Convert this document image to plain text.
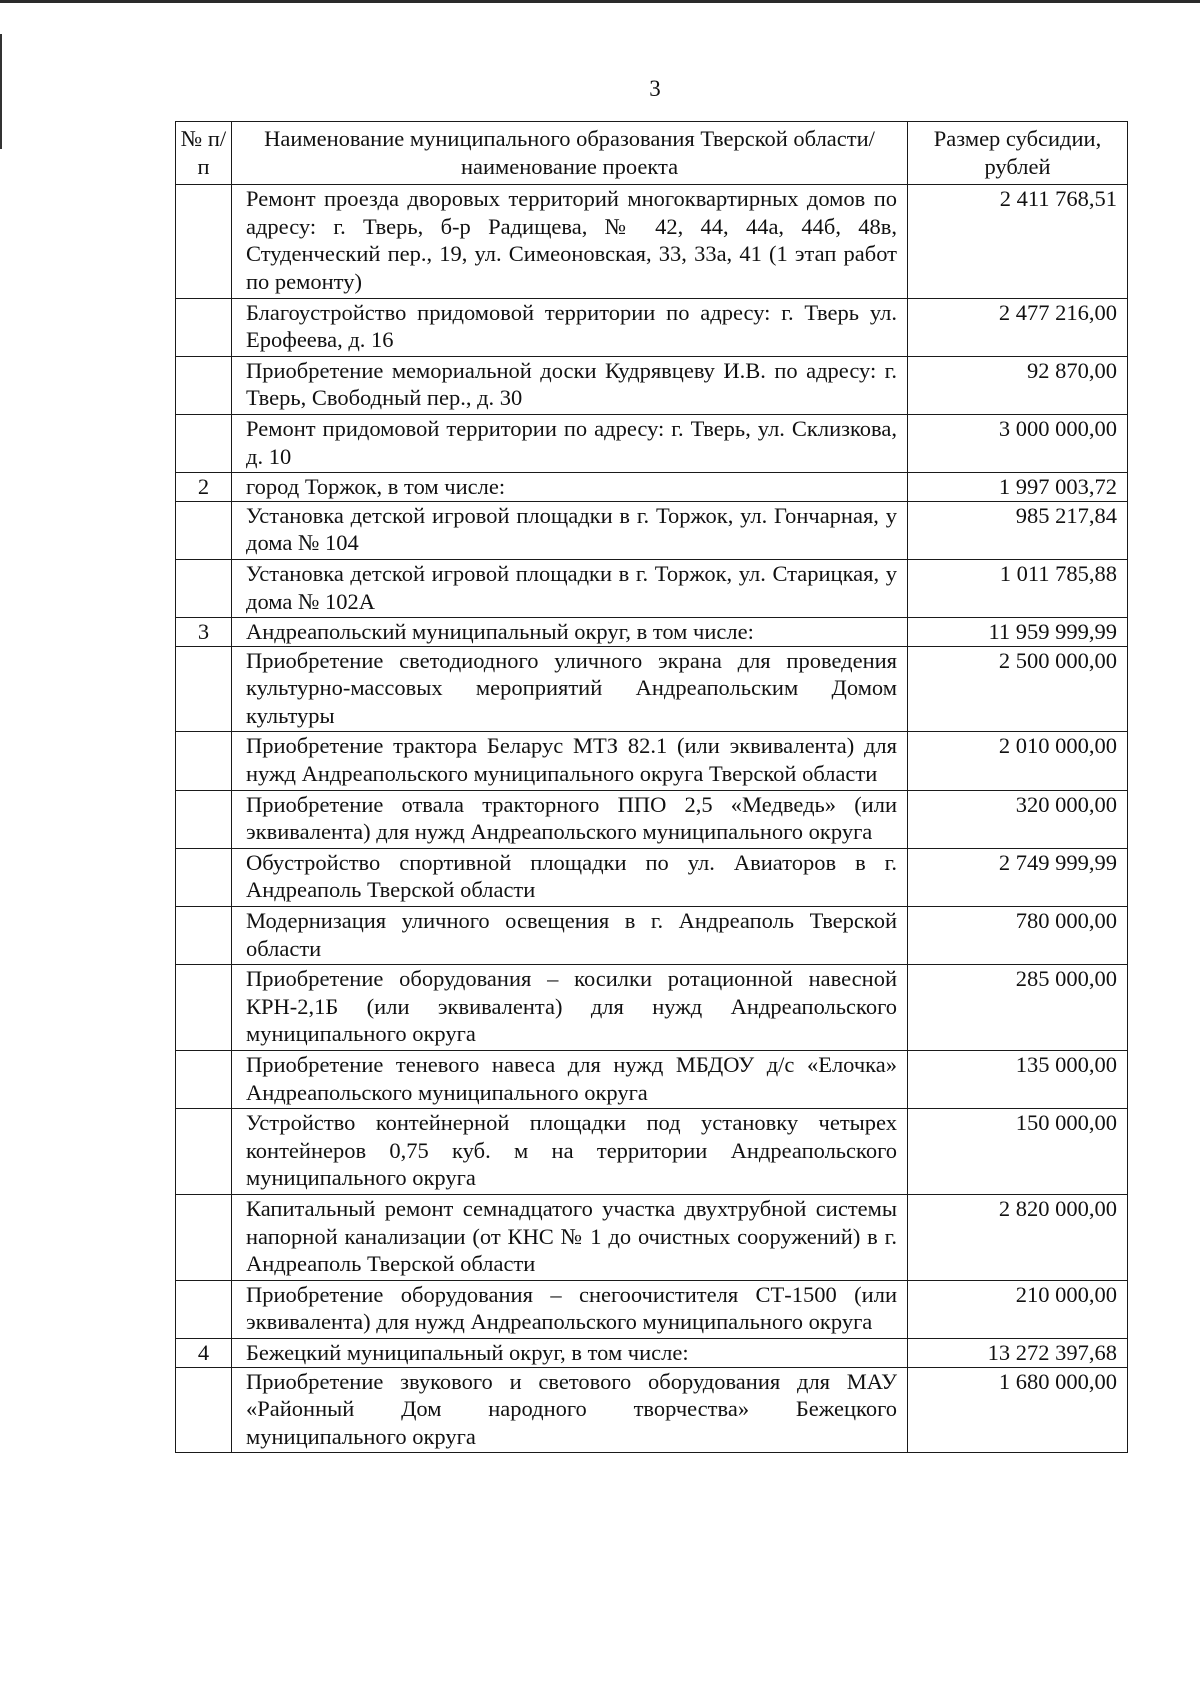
3
№ п/п	Наименование муниципального образования Тверской области/наименование проекта	Размер субсидии, рублей
	Ремонт проезда дворовых территорий многоквартирных домов по адресу: г. Тверь, б-р Радищева, № 42, 44, 44а, 44б, 48в, Студенческий пер., 19, ул. Симеоновская, 33, 33а, 41 (1 этап работ по ремонту)	2 411 768,51
	Благоустройство придомовой территории по адресу: г. Тверь ул. Ерофеева, д. 16	2 477 216,00
	Приобретение мемориальной доски Кудрявцеву И.В. по адресу: г. Тверь, Свободный пер., д. 30	92 870,00
	Ремонт придомовой территории по адресу: г. Тверь, ул. Склизкова, д. 10	3 000 000,00
2	город Торжок, в том числе:	1 997 003,72
	Установка детской игровой площадки в г. Торжок, ул. Гончарная, у дома № 104	985 217,84
	Установка детской игровой площадки в г. Торжок, ул. Старицкая, у дома № 102А	1 011 785,88
3	Андреапольский муниципальный округ, в том числе:	11 959 999,99
	Приобретение светодиодного уличного экрана для проведения культурно-массовых мероприятий Андреапольским Домом культуры	2 500 000,00
	Приобретение трактора Беларус МТЗ 82.1 (или эквивалента) для нужд Андреапольского муниципального округа Тверской области	2 010 000,00
	Приобретение отвала тракторного ППО 2,5 «Медведь» (или эквивалента) для нужд Андреапольского муниципального округа	320 000,00
	Обустройство спортивной площадки по ул. Авиаторов в г. Андреаполь Тверской области	2 749 999,99
	Модернизация уличного освещения в г. Андреаполь Тверской области	780 000,00
	Приобретение оборудования – косилки ротационной навесной КРН-2,1Б (или эквивалента) для нужд Андреапольского муниципального округа	285 000,00
	Приобретение теневого навеса для нужд МБДОУ д/с «Елочка» Андреапольского муниципального округа	135 000,00
	Устройство контейнерной площадки под установку четырех контейнеров 0,75 куб. м на территории Андреапольского муниципального округа	150 000,00
	Капитальный ремонт семнадцатого участка двухтрубной системы напорной канализации (от КНС № 1 до очистных сооружений) в г. Андреаполь Тверской области	2 820 000,00
	Приобретение оборудования – снегоочистителя СТ-1500 (или эквивалента) для нужд Андреапольского муниципального округа	210 000,00
4	Бежецкий муниципальный округ, в том числе:	13 272 397,68
	Приобретение звукового и светового оборудования для МАУ «Районный Дом народного творчества» Бежецкого муниципального округа	1 680 000,00
